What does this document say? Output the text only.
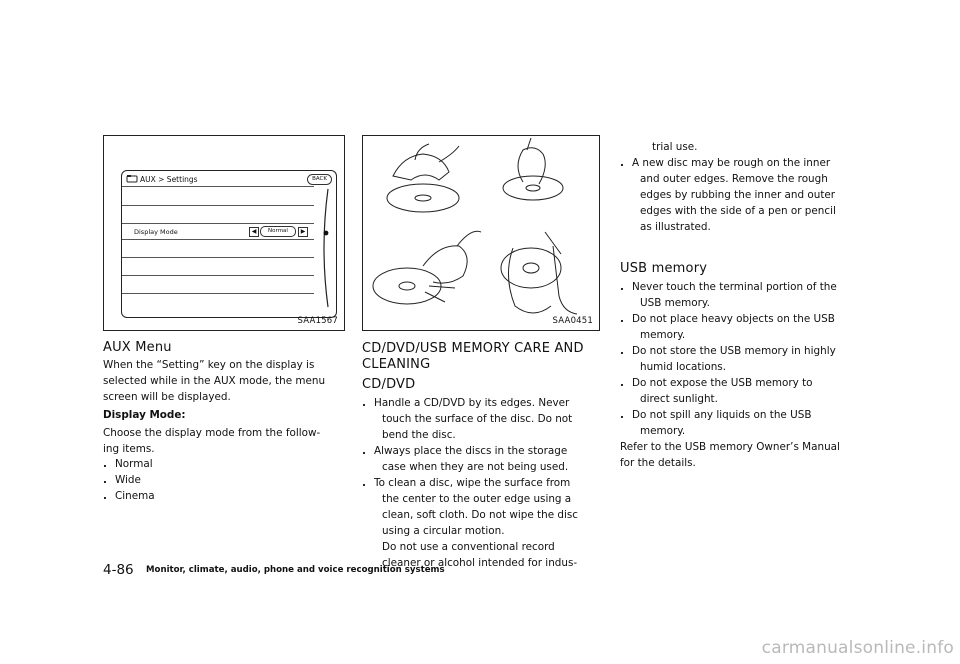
AUX > Settings	BACK
Display Mode	◀	Normal	▶
SAA1567	SAA0451
AUX Menu
When the “Setting” key on the display is
selected while in the AUX mode, the menu
screen will be displayed.
Display Mode:
Choose the display mode from the follow-
ing items.
. Normal
. Wide
. Cinema
CD/DVD/USB MEMORY CARE AND
CLEANING
CD/DVD
. Handle a CD/DVD by its edges. Never
touch the surface of the disc. Do not
bend the disc.
. Always place the discs in the storage
case when they are not being used.
. To clean a disc, wipe the surface from
the center to the outer edge using a
clean, soft cloth. Do not wipe the disc
using a circular motion.
Do not use a conventional record
cleaner or alcohol intended for indus-
trial use.
. A new disc may be rough on the inner
and outer edges. Remove the rough
edges by rubbing the inner and outer
edges with the side of a pen or pencil
as illustrated.
USB memory
. Never touch the terminal portion of the
USB memory.
. Do not place heavy objects on the USB
memory.
. Do not store the USB memory in highly
humid locations.
. Do not expose the USB memory to
direct sunlight.
. Do not spill any liquids on the USB
memory.
Refer to the USB memory Owner’s Manual
for the details.
4-86 Monitor, climate, audio, phone and voice recognition systems
carmanualsonline.info
